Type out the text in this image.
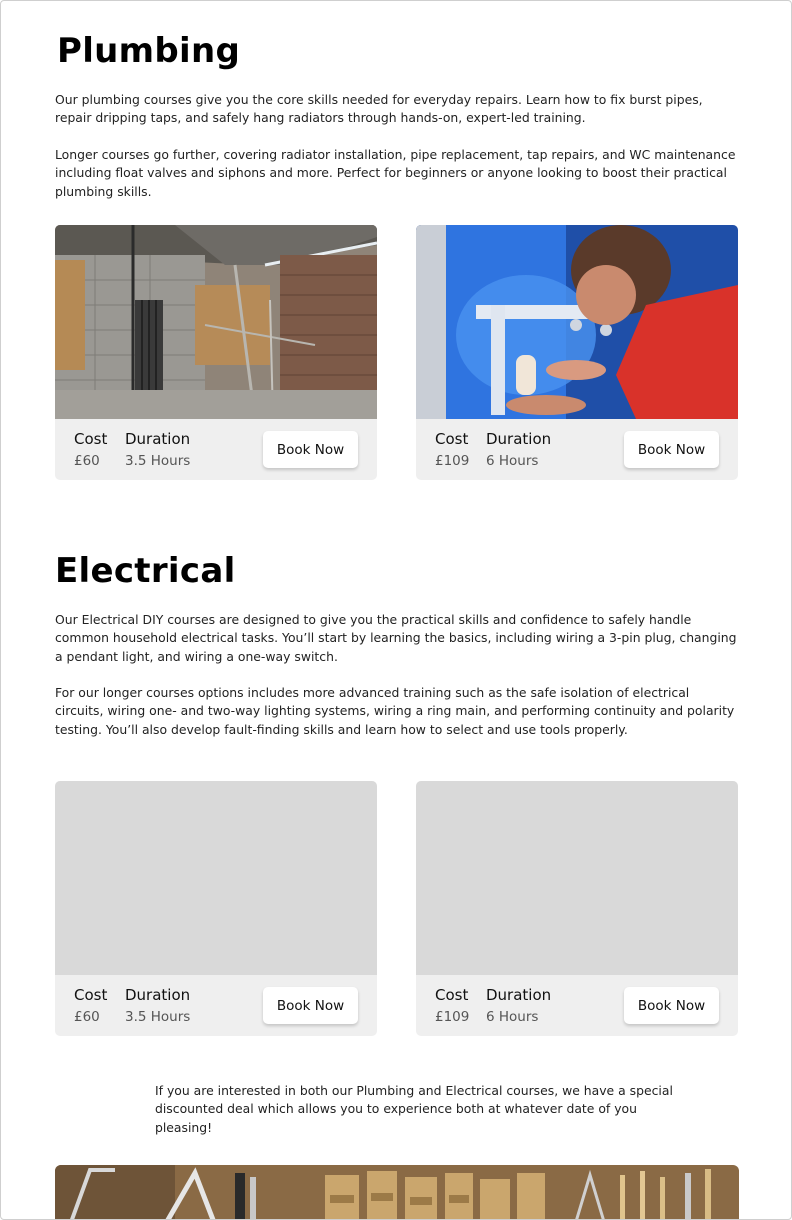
Plumbing

Our plumbing courses give you the core skills needed for everyday repairs. Learn how to fix burst pipes, repair dripping taps, and safely hang radiators through hands-on, expert-led training.

Longer courses go further, covering radiator installation, pipe replacement, tap repairs, and WC maintenance including float valves and siphons and more. Perfect for beginners or anyone looking to boost their practical plumbing skills.

Cost Duration
£60 3.5 Hours
Book Now
Cost Duration
£109 6 Hours
Book Now
Electrical

Our Electrical DIY courses are designed to give you the practical skills and confidence to safely handle common household electrical tasks. You’ll start by learning the basics, including wiring a 3-pin plug, changing a pendant light, and wiring a one-way switch.

For our longer courses options includes more advanced training such as the safe isolation of electrical circuits, wiring one- and two-way lighting systems, wiring a ring main, and performing continuity and polarity testing. You’ll also develop fault-finding skills and learn how to select and use tools properly.

Cost Duration
£60 3.5 Hours
Book Now
Cost Duration
£109 6 Hours
Book Now

If you are interested in both our Plumbing and Electrical courses, we have a special discounted deal which allows you to experience both at whatever date of you pleasing!
